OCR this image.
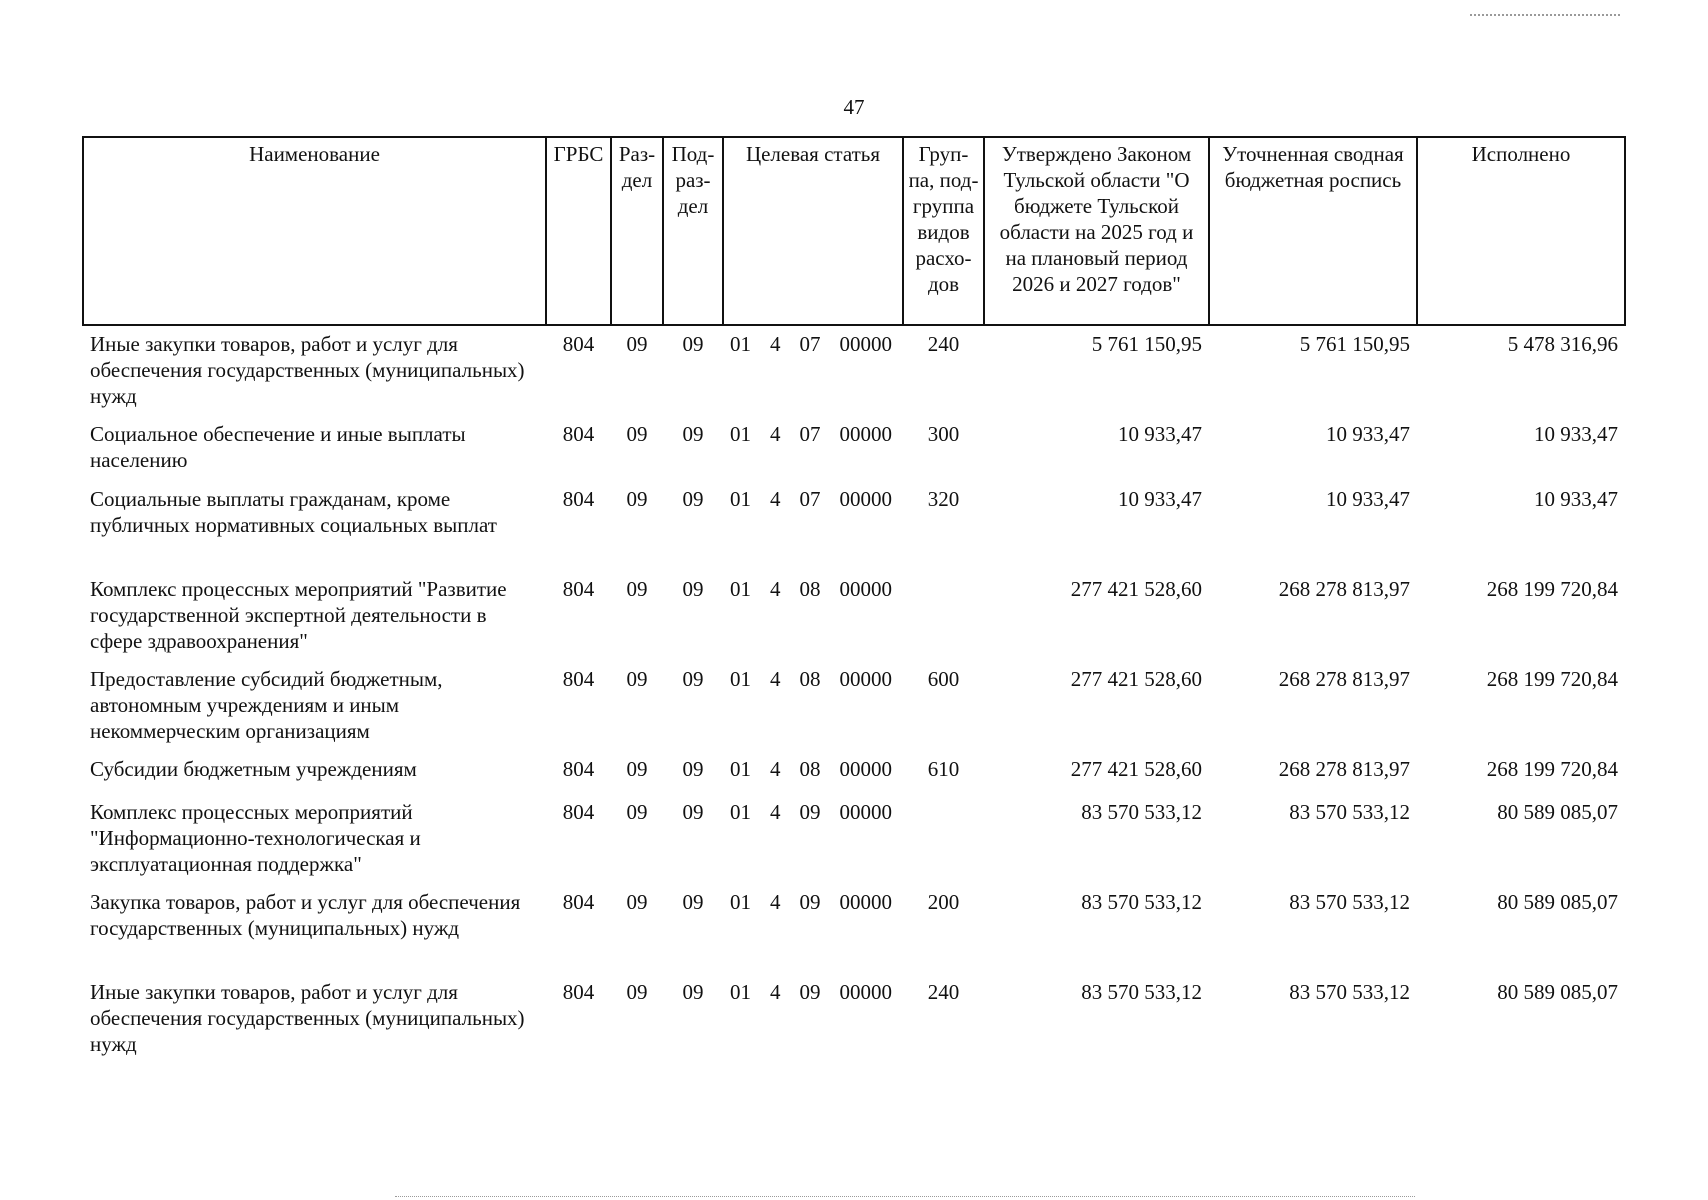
47
Наименование	ГРБС	Раз-дел	Под-раз-дел	Целевая статья	Груп-па, под-группа видов расхо-дов	Утверждено Законом Тульской области "О бюджете Тульской области на 2025 год и на плановый период 2026 и 2027 годов"	Уточненная сводная бюджетная роспись	Исполнено
Иные закупки товаров, работ и услуг для обеспечения государственных (муниципальных) нужд	804	09	09	01 4 07 00000	240	5 761 150,95	5 761 150,95	5 478 316,96
Социальное обеспечение и иные выплаты населению	804	09	09	01 4 07 00000	300	10 933,47	10 933,47	10 933,47
Социальные выплаты гражданам, кроме публичных нормативных социальных выплат	804	09	09	01 4 07 00000	320	10 933,47	10 933,47	10 933,47
Комплекс процессных мероприятий "Развитие государственной экспертной деятельности в сфере здравоохранения"	804	09	09	01 4 08 00000		277 421 528,60	268 278 813,97	268 199 720,84
Предоставление субсидий бюджетным, автономным учреждениям и иным некоммерческим организациям	804	09	09	01 4 08 00000	600	277 421 528,60	268 278 813,97	268 199 720,84
Субсидии бюджетным учреждениям	804	09	09	01 4 08 00000	610	277 421 528,60	268 278 813,97	268 199 720,84
Комплекс процессных мероприятий "Информационно-технологическая и эксплуатационная поддержка"	804	09	09	01 4 09 00000		83 570 533,12	83 570 533,12	80 589 085,07
Закупка товаров, работ и услуг для обеспечения государственных (муниципальных) нужд	804	09	09	01 4 09 00000	200	83 570 533,12	83 570 533,12	80 589 085,07
Иные закупки товаров, работ и услуг для обеспечения государственных (муниципальных) нужд	804	09	09	01 4 09 00000	240	83 570 533,12	83 570 533,12	80 589 085,07
